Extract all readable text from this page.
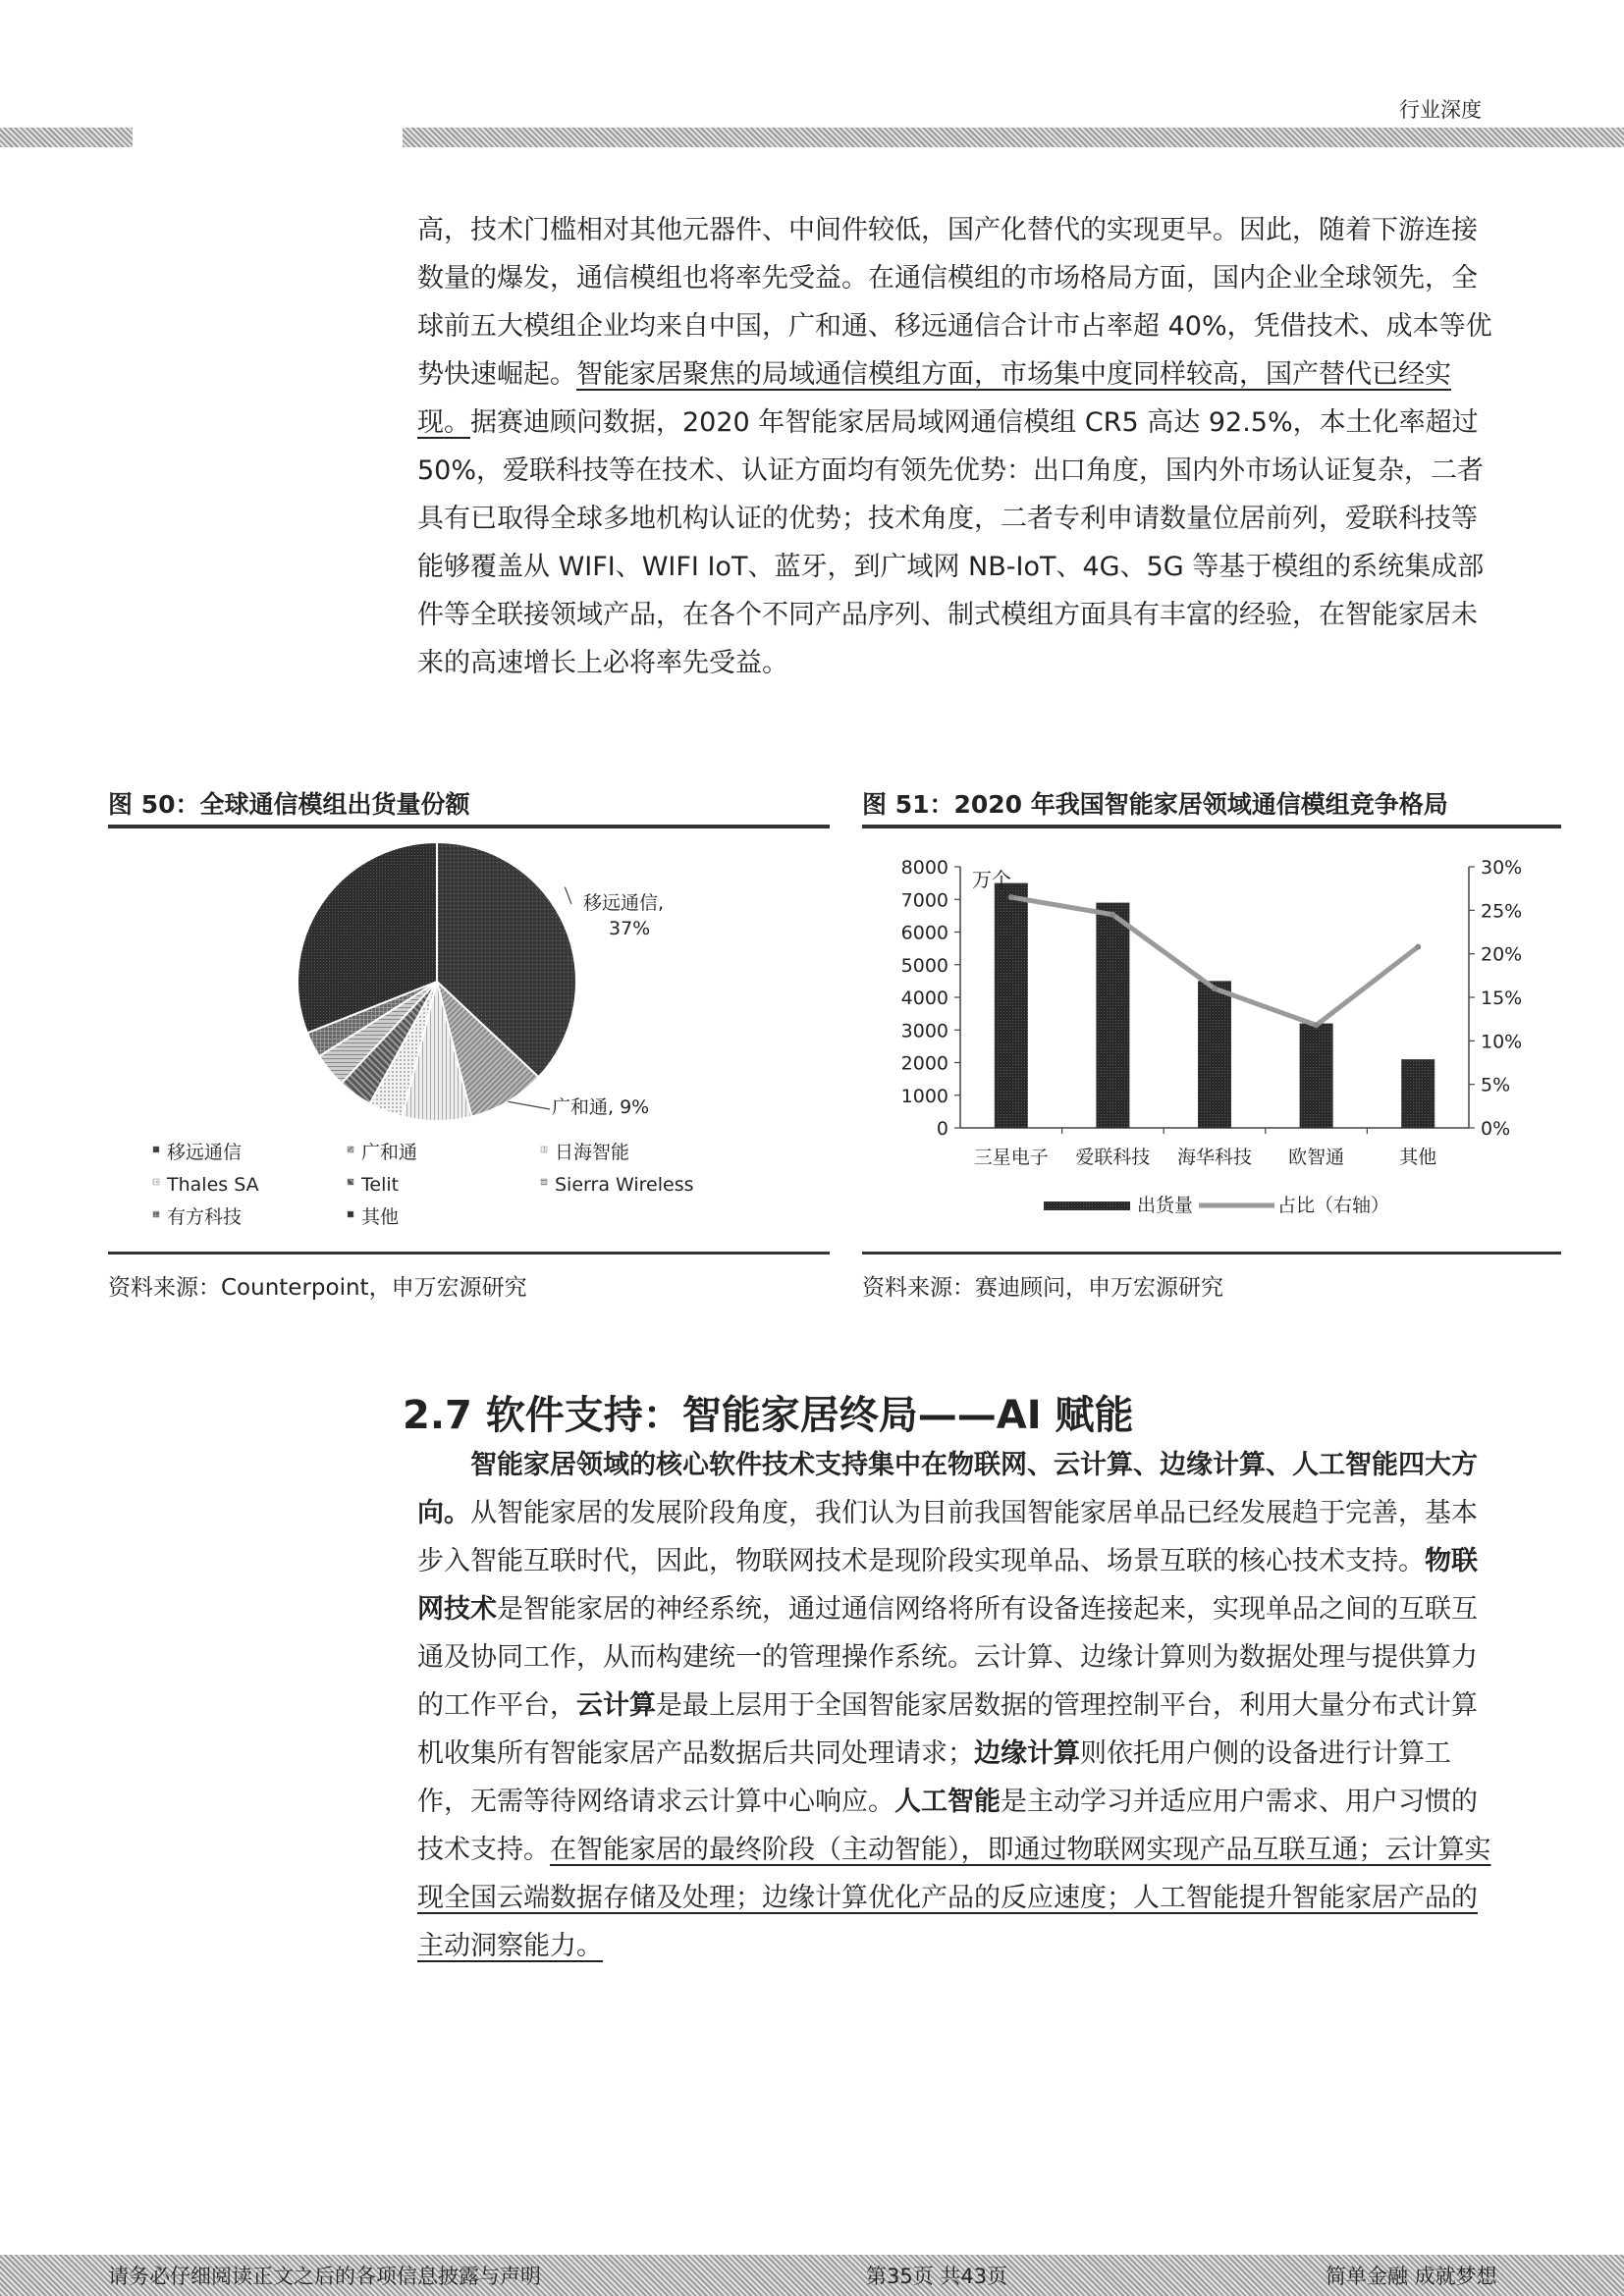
行业深度

高，技术门槛相对其他元器件、中间件较低，国产化替代的实现更早。因此，随着下游连接数量的爆发，通信模组也将率先受益。在通信模组的市场格局方面，国内企业全球领先，全球前五大模组企业均来自中国，广和通、移远通信合计市占率超 40%，凭借技术、成本等优势快速崛起。智能家居聚焦的局域通信模组方面，市场集中度同样较高，国产替代已经实现。据赛迪顾问数据，2020 年智能家居局域网通信模组 CR5 高达 92.5%，本土化率超过 50%，爱联科技等在技术、认证方面均有领先优势：出口角度，国内外市场认证复杂，二者具有已取得全球多地机构认证的优势；技术角度，二者专利申请数量位居前列，爱联科技等能够覆盖从 WIFI、WIFI IoT、蓝牙，到广域网 NB-IoT、4G、5G 等基于模组的系统集成部件等全联接领域产品，在各个不同产品序列、制式模组方面具有丰富的经验，在智能家居未来的高速增长上必将率先受益。

图 50：全球通信模组出货量份额
移远通信,
37%
广和通, 9%
移远通信	广和通	日海智能
Thales SA	Telit	Sierra Wireless
有方科技	其他
资料来源：Counterpoint，申万宏源研究
图 51：2020 年我国智能家居领域通信模组竞争格局
0
1000
2000
3000
4000
5000
6000
7000
8000
0%
5%
10%
15%
20%
25%
30%
万个
三星电子 爱联科技 海华科技 欧智通	其他
出货量	占比（右轴）
资料来源：赛迪顾问，申万宏源研究
2.7 软件支持：智能家居终局——AI 赋能

智能家居领域的核心软件技术支持集中在物联网、云计算、边缘计算、人工智能四大方向。从智能家居的发展阶段角度，我们认为目前我国智能家居单品已经发展趋于完善，基本步入智能互联时代，因此，物联网技术是现阶段实现单品、场景互联的核心技术支持。物联网技术是智能家居的神经系统，通过通信网络将所有设备连接起来，实现单品之间的互联互通及协同工作，从而构建统一的管理操作系统。云计算、边缘计算则为数据处理与提供算力的工作平台，云计算是最上层用于全国智能家居数据的管理控制平台，利用大量分布式计算机收集所有智能家居产品数据后共同处理请求；边缘计算则依托用户侧的设备进行计算工作，无需等待网络请求云计算中心响应。人工智能是主动学习并适应用户需求、用户习惯的技术支持。在智能家居的最终阶段（主动智能），即通过物联网实现产品互联互通；云计算实现全国云端数据存储及处理；边缘计算优化产品的反应速度；人工智能提升智能家居产品的主动洞察能力。

请务必仔细阅读正文之后的各项信息披露与声明	第35页 共43页	简单金融 成就梦想
